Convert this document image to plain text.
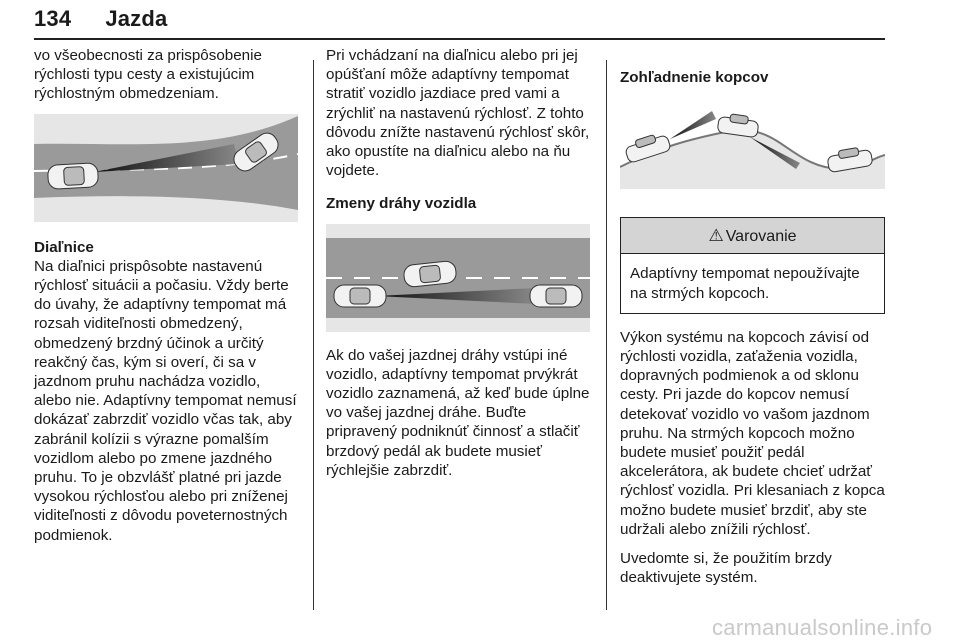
134 Jazda

vo všeobecnosti za prispôsobenie rýchlosti typu cesty a existujúcim rýchlostným obmedzeniam.

Diaľnice

Na diaľnici prispôsobte nastavenú rýchlosť situácii a počasiu. Vždy berte do úvahy, že adaptívny tempomat má rozsah viditeľnosti obmedzený, obmedzený brzdný účinok a určitý reakčný čas, kým si overí, či sa v jazdnom pruhu nachádza vozidlo, alebo nie. Adaptívny tempomat nemusí dokázať zabrzdiť vozidlo včas tak, aby zabránil kolízii s výrazne pomalším vozidlom alebo po zmene jazdného pruhu. To je obzvlášť platné pri jazde vysokou rýchlosťou alebo pri zníženej viditeľnosti z dôvodu poveternostných podmienok.

Pri vchádzaní na diaľnicu alebo pri jej opúšťaní môže adaptívny tempomat stratiť vozidlo jazdiace pred vami a zrýchliť na nastavenú rýchlosť. Z tohto dôvodu znížte nastavenú rýchlosť skôr, ako opustíte na diaľnicu alebo na ňu vojdete.

Zmeny dráhy vozidla

Ak do vašej jazdnej dráhy vstúpi iné vozidlo, adaptívny tempomat prvýkrát vozidlo zaznamená, až keď bude úplne vo vašej jazdnej dráhe. Buďte pripravený podniknúť činnosť a stlačiť brzdový pedál ak budete musieť rýchlejšie zabrzdiť.

Zohľadnenie kopcov

⚠ Varovanie
Adaptívny tempomat nepoužívajte na strmých kopcoch.

Výkon systému na kopcoch závisí od rýchlosti vozidla, zaťaženia vozidla, dopravných podmienok a od sklonu cesty. Pri jazde do kopcov nemusí detekovať vozidlo vo vašom jazdnom pruhu. Na strmých kopcoch možno budete musieť použiť pedál akcelerátora, ak budete chcieť udržať rýchlosť vozidla. Pri klesaniach z kopca možno budete musieť brzdiť, aby ste udržali alebo znížili rýchlosť.

Uvedomte si, že použitím brzdy deaktivujete systém.

carmanualsonline.info
